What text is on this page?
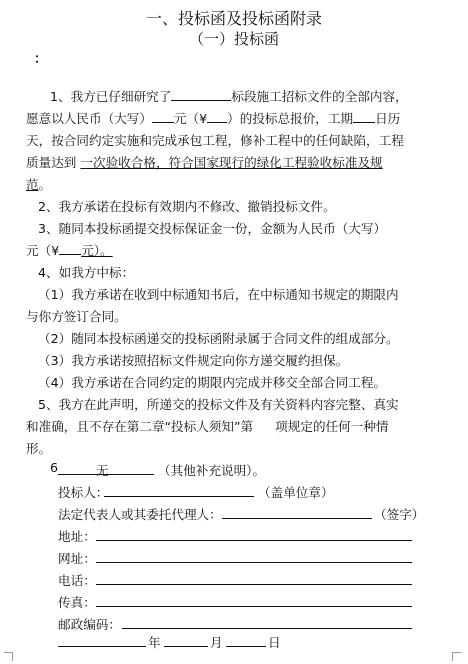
一、投标函及投标函附录
（一）投标函
：
1、我方已仔细研究了	标段施工招标文件的全部内容，
愿意以人民币（大写） 元（¥ ）的投标总报价，工期 日历
天，按合同约定实施和完成承包工程，修补工程中的任何缺陷，工程
质量达到 一次验收合格，符合国家现行的绿化工程验收标准及规
范。
2、我方承诺在投标有效期内不修改、撤销投标文件。
3、随同本投标函提交投标保证金一份，金额为人民币（大写）
元（¥ 元）。
4、如我方中标：
（1）我方承诺在收到中标通知书后，在中标通知书规定的期限内
与你方签订合同。
（2）随同本投标函递交的投标函附录属于合同文件的组成部分。
（3）我方承诺按照招标文件规定向你方递交履约担保。
（4）我方承诺在合同约定的期限内完成并移交全部合同工程。
5、我方在此声明，所递交的投标文件及有关资料内容完整、真实
和准确，且不存在第二章“投标人须知”第 项规定的任何一种情
形。
6	无	（其他补充说明）。
投标人：	（盖单位章）
法定代表人或其委托代理人：	（签字）
地址：
网址：
电话：
传真：
邮政编码：
年	月	日
